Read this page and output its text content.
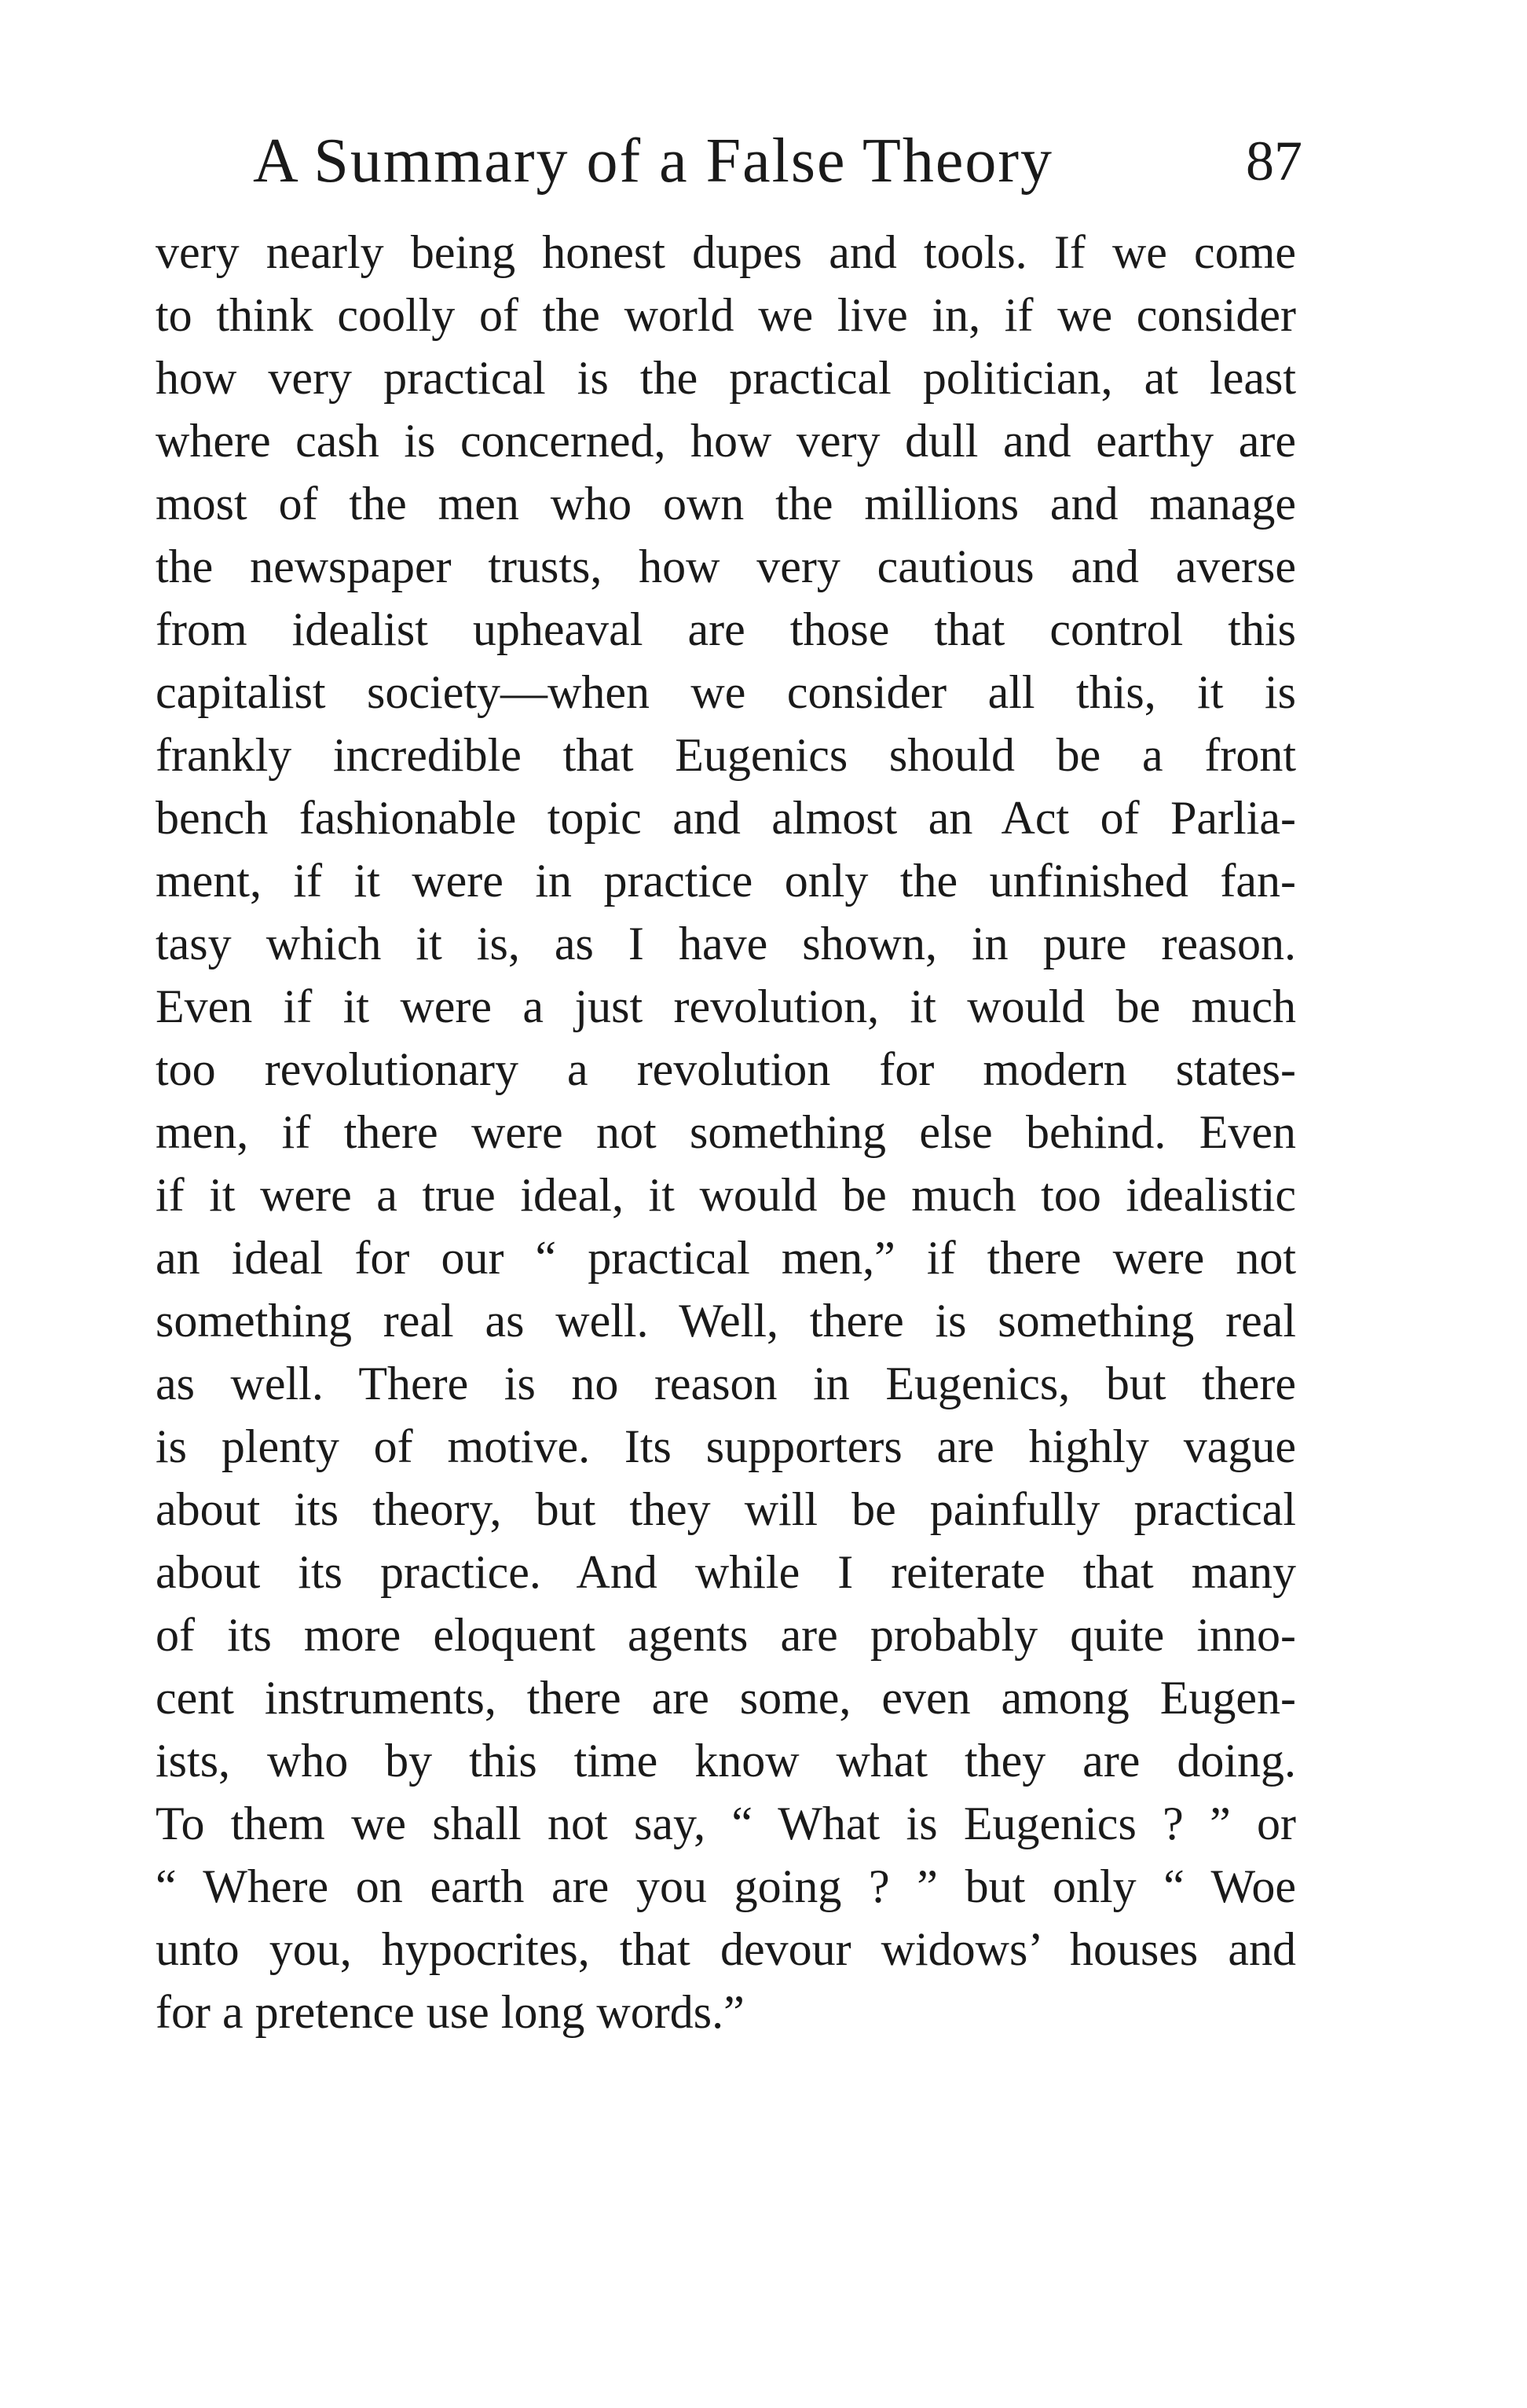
A Summary of a False Theory	87
very nearly being honest dupes and tools. If we come
to think coolly of the world we live in, if we consider
how very practical is the practical politician, at least
where cash is concerned, how very dull and earthy are
most of the men who own the millions and manage
the newspaper trusts, how very cautious and averse
from idealist upheaval are those that control this
capitalist society—when we consider all this, it is
frankly incredible that Eugenics should be a front
bench fashionable topic and almost an Act of Parlia-
ment, if it were in practice only the unfinished fan-
tasy which it is, as I have shown, in pure reason.
Even if it were a just revolution, it would be much
too revolutionary a revolution for modern states-
men, if there were not something else behind. Even
if it were a true ideal, it would be much too idealistic
an ideal for our “ practical men,” if there were not
something real as well. Well, there is something real
as well. There is no reason in Eugenics, but there
is plenty of motive. Its supporters are highly vague
about its theory, but they will be painfully practical
about its practice. And while I reiterate that many
of its more eloquent agents are probably quite inno-
cent instruments, there are some, even among Eugen-
ists, who by this time know what they are doing.
To them we shall not say, “ What is Eugenics ? ” or
“ Where on earth are you going ? ” but only “ Woe
unto you, hypocrites, that devour widows’ houses and
for a pretence use long words.”
